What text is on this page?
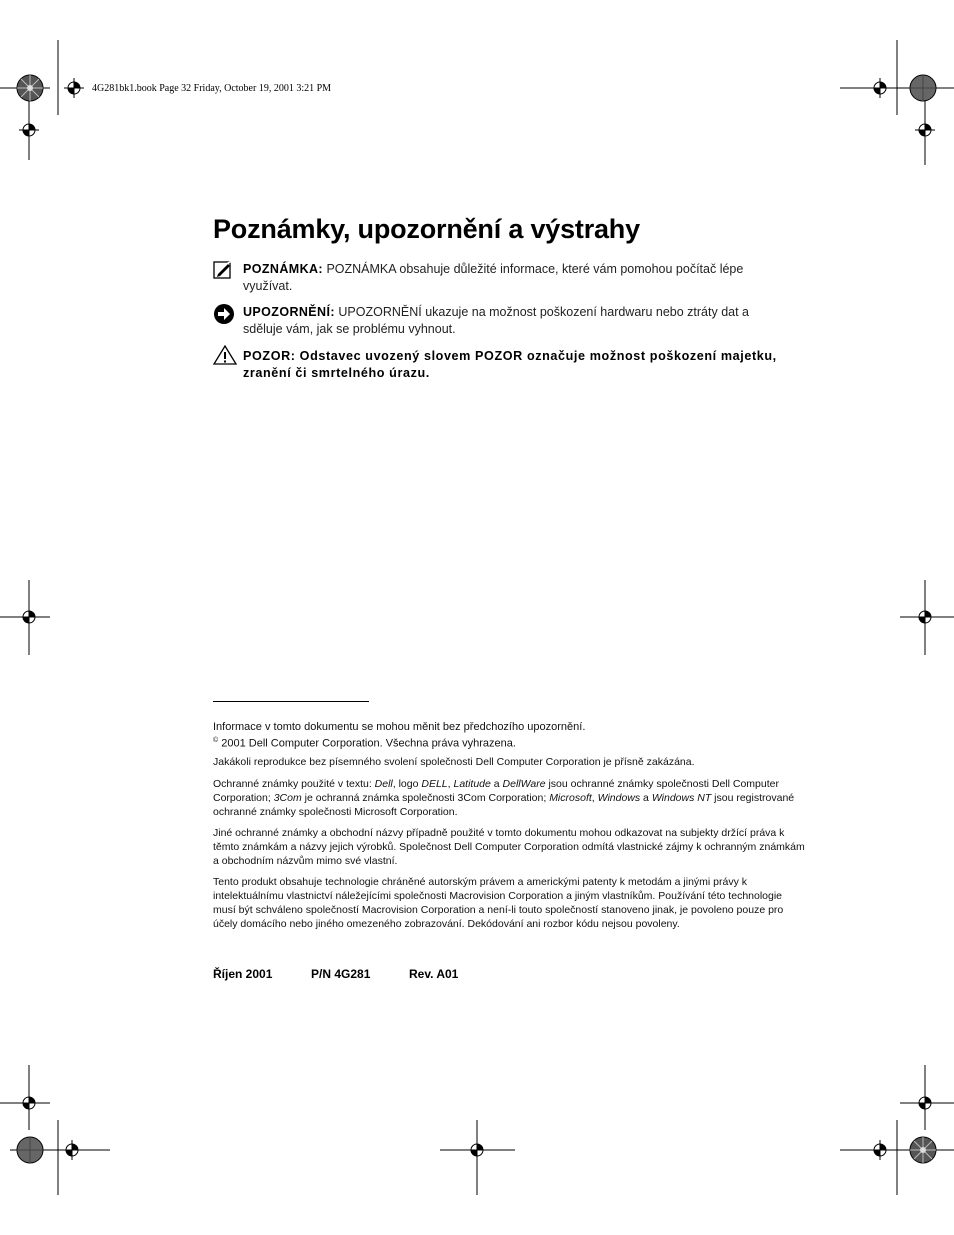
4G281bk1.book Page 32 Friday, October 19, 2001 3:21 PM
Poznámky, upozornění a výstrahy
POZNÁMKA: POZNÁMKA obsahuje důležité informace, které vám pomohou počítač lépe využívat.
UPOZORNĚNÍ: UPOZORNĚNÍ ukazuje na možnost poškození hardwaru nebo ztráty dat a sděluje vám, jak se problému vyhnout.
POZOR: Odstavec uvozený slovem POZOR označuje možnost poškození majetku, zranění či smrtelného úrazu.

Informace v tomto dokumentu se mohou měnit bez předchozího upozornění.

© 2001 Dell Computer Corporation. Všechna práva vyhrazena.

Jakákoli reprodukce bez písemného svolení společnosti Dell Computer Corporation je přísně zakázána.

Ochranné známky použité v textu: Dell, logo DELL, Latitude a DellWare jsou ochranné známky společnosti Dell Computer Corporation; 3Com je ochranná známka společnosti 3Com Corporation; Microsoft, Windows a Windows NT jsou registrované ochranné známky společnosti Microsoft Corporation.

Jiné ochranné známky a obchodní názvy případně použité v tomto dokumentu mohou odkazovat na subjekty držící práva k těmto známkám a názvy jejich výrobků. Společnost Dell Computer Corporation odmítá vlastnické zájmy k ochranným známkám a obchodním názvům mimo své vlastní.

Tento produkt obsahuje technologie chráněné autorským právem a americkými patenty k metodám a jinými právy k intelektuálnímu vlastnictví náležejícími společnosti Macrovision Corporation a jiným vlastníkům. Používání této technologie musí být schváleno společností Macrovision Corporation a není-li touto společností stanoveno jinak, je povoleno pouze pro účely domácího nebo jiného omezeného zobrazování. Dekódování ani rozbor kódu nejsou povoleny.

Říjen 2001	P/N 4G281	Rev. A01
